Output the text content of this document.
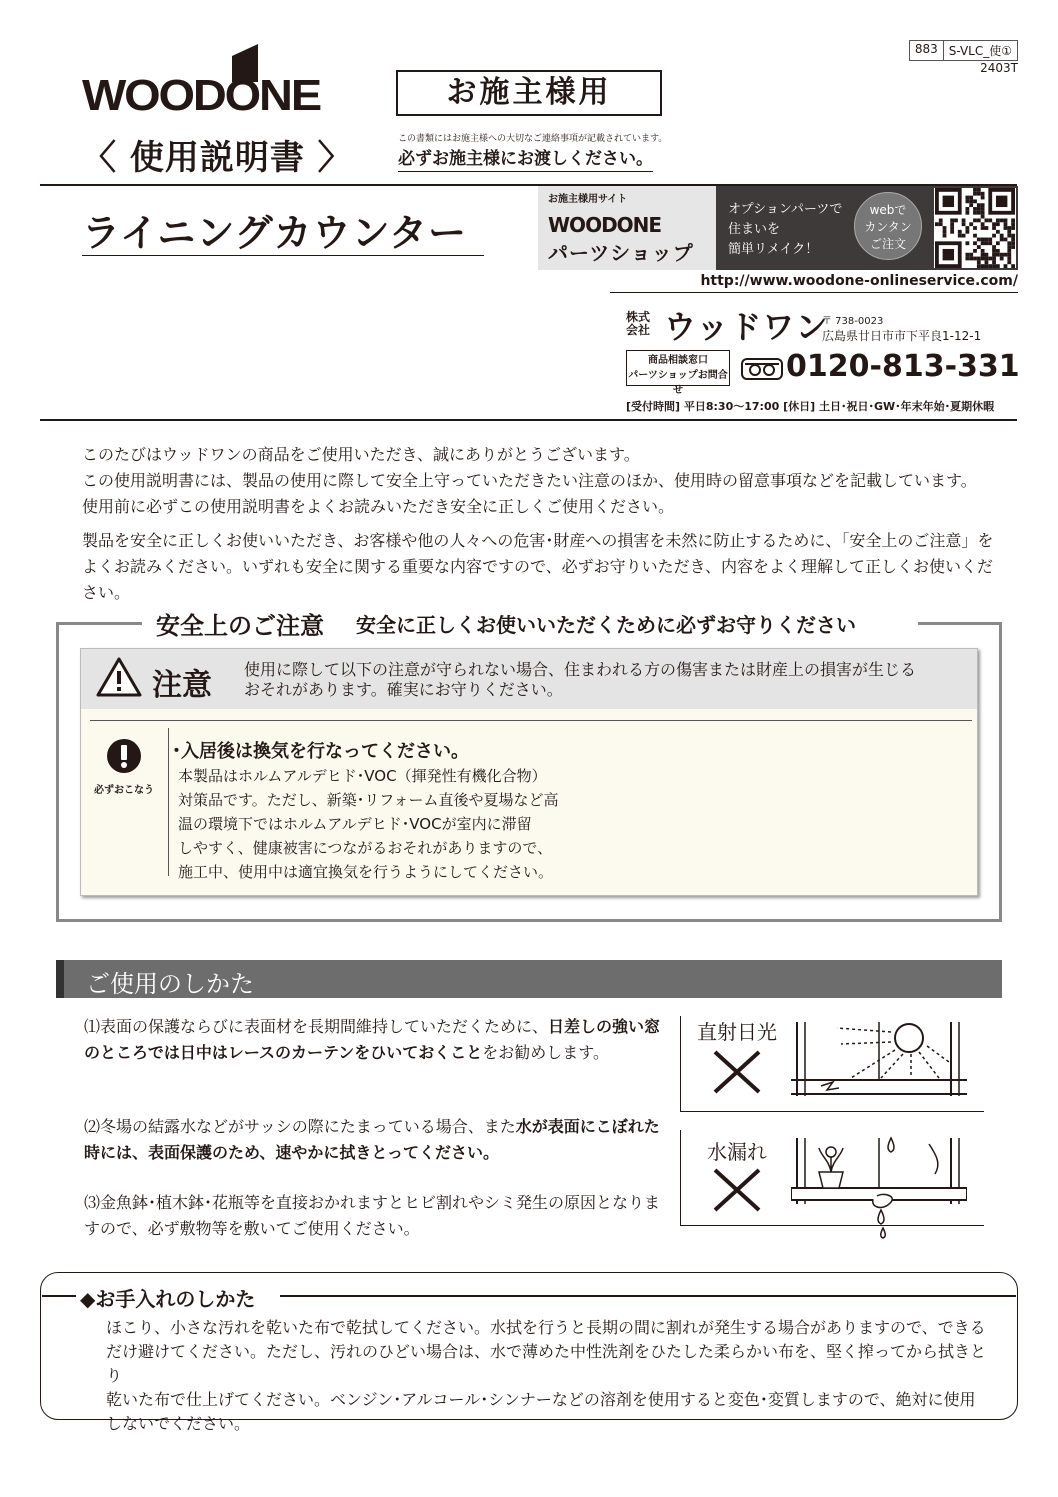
883 S-VLC_使①
2403T
WOODONE
〈 使用説明書 〉
お施主様用
この書類にはお施主様への大切なご連絡事項が記載されています。
必ずお施主様にお渡しください。
ライニングカウンター
お施主様用サイト
WOODONE
パーツショップ
オプションパーツで
住まいを
簡単リメイク！
webで
カンタン
ご注文
http://www.woodone-onlineservice.com/
株式
会社 ウッドワン
〒 738-0023
広島県廿日市市下平良1-12-1
商品相談窓口
パーツショップお問合せ
0120-813-331
[受付時間] 平日8:30～17:00 [休日] 土日･祝日･GW･年末年始･夏期休暇

このたびはウッドワンの商品をご使用いただき、誠にありがとうございます。

この使用説明書には、製品の使用に際して安全上守っていただきたい注意のほか、使用時の留意事項などを記載しています。

使用前に必ずこの使用説明書をよくお読みいただき安全に正しくご使用ください。

製品を安全に正しくお使いいただき、お客様や他の人々への危害･財産への損害を未然に防止するために、「安全上のご注意」を

よくお読みください。いずれも安全に関する重要な内容ですので、必ずお守りいただき、内容をよく理解して正しくお使いください。

安全上のご注意 安全に正しくお使いいただくために必ずお守りください
注意 使用に際して以下の注意が守られない場合、住まわれる方の傷害または財産上の損害が生じる
おそれがあります。確実にお守りください。
必ずおこなう
･入居後は換気を行なってください。
本製品はホルムアルデヒド･VOC（揮発性有機化合物）
対策品です。ただし、新築･リフォーム直後や夏場など高
温の環境下ではホルムアルデヒド･VOCが室内に滞留
しやすく、健康被害につながるおそれがありますので、
施工中、使用中は適宜換気を行うようにしてください。
ご使用のしかた
⑴表面の保護ならびに表面材を長期間維持していただくために、日差しの強い窓のところでは日中はレースのカーテンをひいておくことをお勧めします。
⑵冬場の結露水などがサッシの際にたまっている場合、また水が表面にこぼれた時には、表面保護のため、速やかに拭きとってください。
⑶金魚鉢･植木鉢･花瓶等を直接おかれますとヒビ割れやシミ発生の原因となりますので、必ず敷物等を敷いてご使用ください。
直射日光
水漏れ
◆お手入れのしかた
ほこり、小さな汚れを乾いた布で乾拭してください。水拭を行うと長期の間に割れが発生する場合がありますので、できる
だけ避けてください。ただし、汚れのひどい場合は、水で薄めた中性洗剤をひたした柔らかい布を、堅く搾ってから拭きとり
乾いた布で仕上げてください。ベンジン･アルコール･シンナーなどの溶剤を使用すると変色･変質しますので、絶対に使用
しないでください。
